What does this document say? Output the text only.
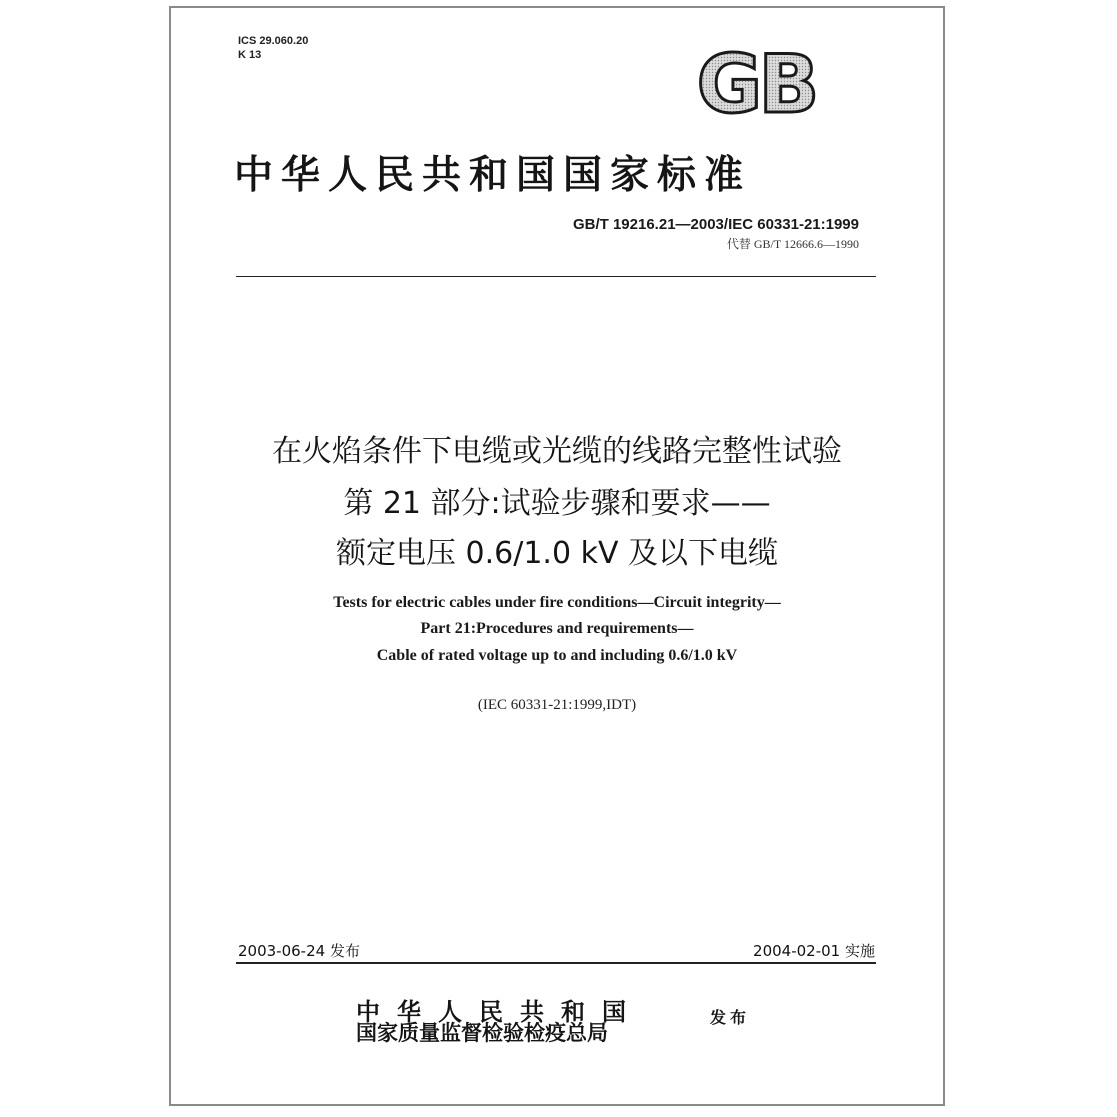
ICS 29.060.20
K 13	GB
中华人民共和国国家标准
GB/T 19216.21—2003/IEC 60331-21:1999
代替 GB/T 12666.6—1990
在火焰条件下电缆或光缆的线路完整性试验
第 21 部分:试验步骤和要求——
额定电压 0.6/1.0 kV 及以下电缆
Tests for electric cables under fire conditions—Circuit integrity—
Part 21:Procedures and requirements—
Cable of rated voltage up to and including 0.6/1.0 kV
(IEC 60331-21:1999,IDT)
2003-06-24 发布	2004-02-01 实施
中华人民共和国
国家质量监督检验检疫总局
发布
